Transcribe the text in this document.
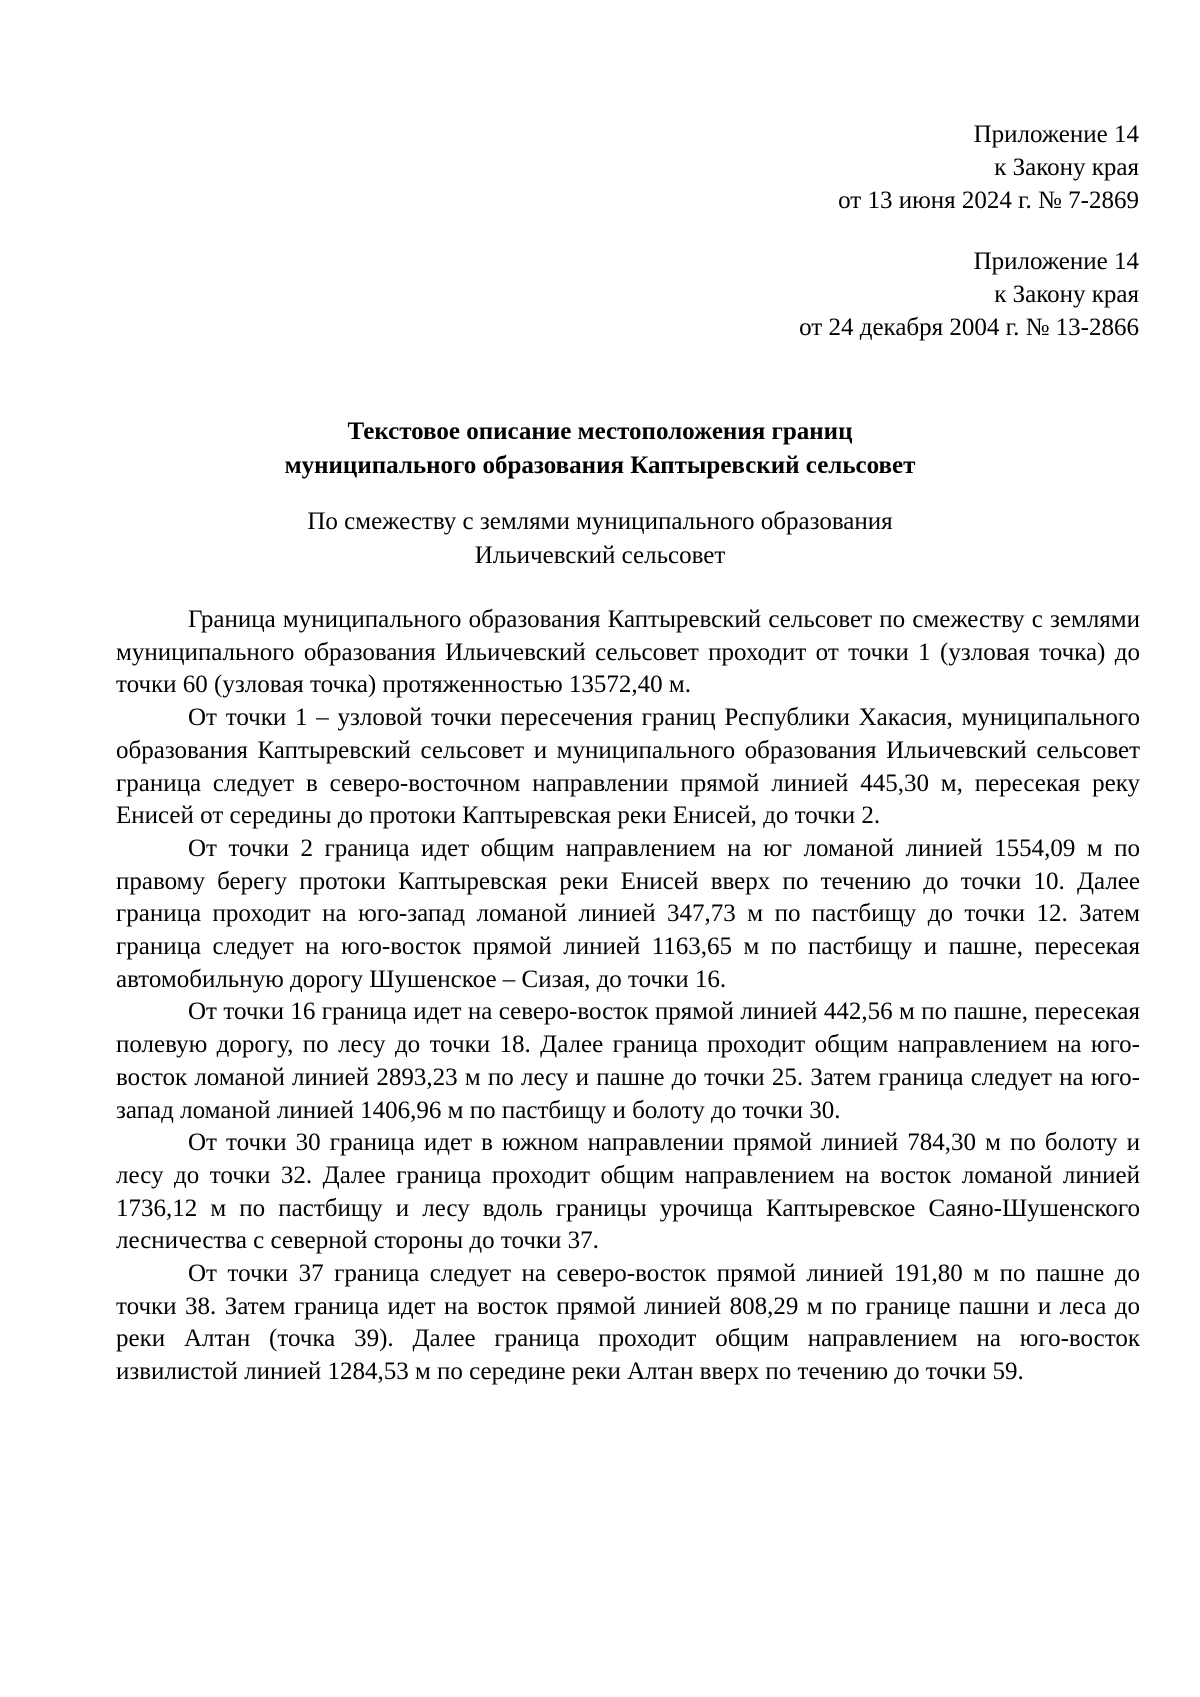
Приложение 14
к Закону края
от 13 июня 2024 г. № 7-2869
Приложение 14
к Закону края
от 24 декабря 2004 г. № 13-2866
Текстовое описание местоположения границ
муниципального образования Каптыревский сельсовет
По смежеству с землями муниципального образования
Ильичевский сельсовет

Граница муниципального образования Каптыревский сельсовет по смежеству с землями муниципального образования Ильичевский сельсовет проходит от точки 1 (узловая точка) до точки 60 (узловая точка) протяженностью 13572,40 м.

От точки 1 – узловой точки пересечения границ Республики Хакасия, муниципального образования Каптыревский сельсовет и муниципального образования Ильичевский сельсовет граница следует в северо-восточном направлении прямой линией 445,30 м, пересекая реку Енисей от середины до протоки Каптыревская реки Енисей, до точки 2.

От точки 2 граница идет общим направлением на юг ломаной линией 1554,09 м по правому берегу протоки Каптыревская реки Енисей вверх по течению до точки 10. Далее граница проходит на юго-запад ломаной линией 347,73 м по пастбищу до точки 12. Затем граница следует на юго-восток прямой линией 1163,65 м по пастбищу и пашне, пересекая автомобильную дорогу Шушенское – Сизая, до точки 16.

От точки 16 граница идет на северо-восток прямой линией 442,56 м по пашне, пересекая полевую дорогу, по лесу до точки 18. Далее граница проходит общим направлением на юго-восток ломаной линией 2893,23 м по лесу и пашне до точки 25. Затем граница следует на юго-запад ломаной линией 1406,96 м по пастбищу и болоту до точки 30.

От точки 30 граница идет в южном направлении прямой линией 784,30 м по болоту и лесу до точки 32. Далее граница проходит общим направлением на восток ломаной линией 1736,12 м по пастбищу и лесу вдоль границы урочища Каптыревское Саяно-Шушенского лесничества с северной стороны до точки 37.

От точки 37 граница следует на северо-восток прямой линией 191,80 м по пашне до точки 38. Затем граница идет на восток прямой линией 808,29 м по границе пашни и леса до реки Алтан (точка 39). Далее граница проходит общим направлением на юго-восток извилистой линией 1284,53 м по середине реки Алтан вверх по течению до точки 59.
